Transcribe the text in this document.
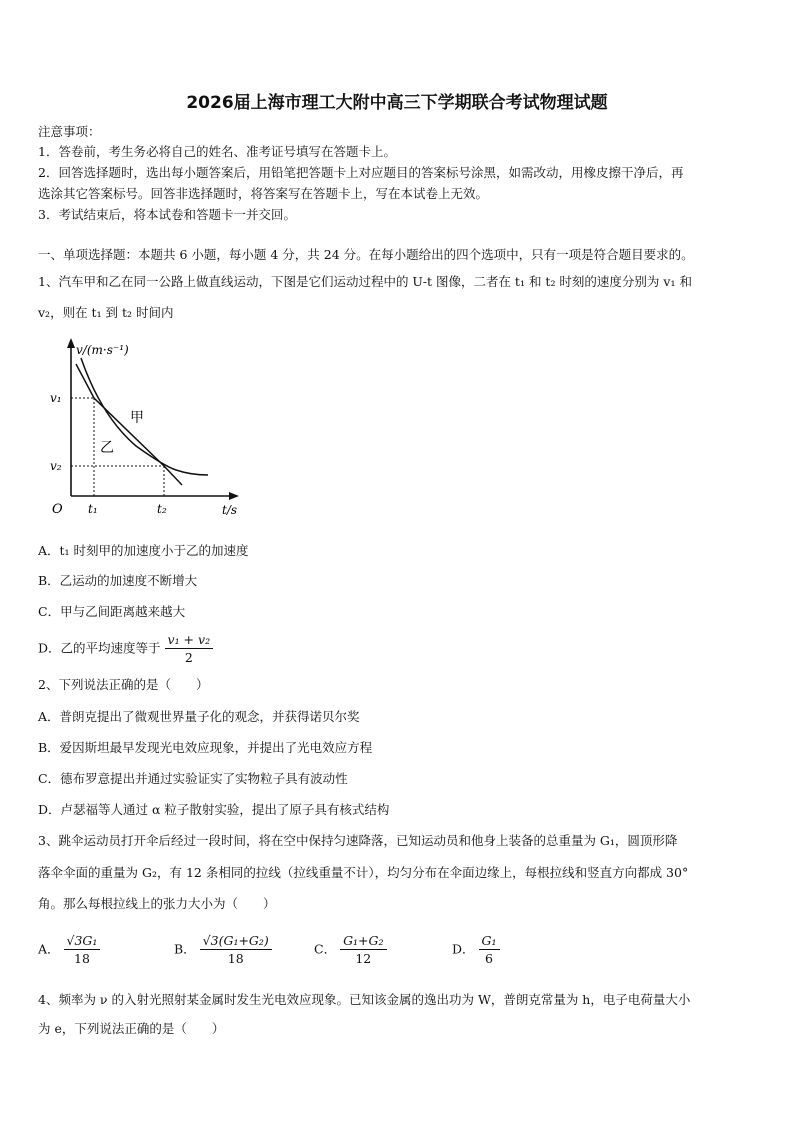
2026届上海市理工大附中高三下学期联合考试物理试题
注意事项：
1．答卷前，考生务必将自己的姓名、准考证号填写在答题卡上。
2．回答选择题时，选出每小题答案后，用铅笔把答题卡上对应题目的答案标号涂黑，如需改动，用橡皮擦干净后，再
选涂其它答案标号。回答非选择题时，将答案写在答题卡上，写在本试卷上无效。
3．考试结束后，将本试卷和答题卡一并交回。
一、单项选择题：本题共 6 小题，每小题 4 分，共 24 分。在每小题给出的四个选项中，只有一项是符合题目要求的。
1、汽车甲和乙在同一公路上做直线运动，下图是它们运动过程中的 U-t 图像，二者在 t₁ 和 t₂ 时刻的速度分别为 v₁ 和
v₂，则在 t₁ 到 t₂ 时间内
v/(m·s⁻¹)
t/s
O
v₁
v₂
t₁	t₂
甲
乙
A．t₁ 时刻甲的加速度小于乙的加速度
B．乙运动的加速度不断增大
C．甲与乙间距离越来越大
D．乙的平均速度等于 $\frac{\text{v₁ + v₂}}{2}$
2、下列说法正确的是（　　）
A．普朗克提出了微观世界量子化的观念，并获得诺贝尔奖
B．爱因斯坦最早发现光电效应现象，并提出了光电效应方程
C．德布罗意提出并通过实验证实了实物粒子具有波动性
D．卢瑟福等人通过 α 粒子散射实验，提出了原子具有核式结构
3、跳伞运动员打开伞后经过一段时间，将在空中保持匀速降落，已知运动员和他身上装备的总重量为 G₁，圆顶形降
落伞伞面的重量为 G₂，有 12 条相同的拉线（拉线重量不计），均匀分布在伞面边缘上，每根拉线和竖直方向都成 30°
角。那么每根拉线上的张力大小为（　　）
A． $\frac{\text{√3G₁}}{18}$	B． $\frac{\text{√3(G₁+G₂)}}{18}$	C． $\frac{\text{G₁+G₂}}{12}$	D． $\frac{\text{G₁}}{6}$
4、频率为 ν 的入射光照射某金属时发生光电效应现象。已知该金属的逸出功为 W，普朗克常量为 h，电子电荷量大小
为 e，下列说法正确的是（　　）
